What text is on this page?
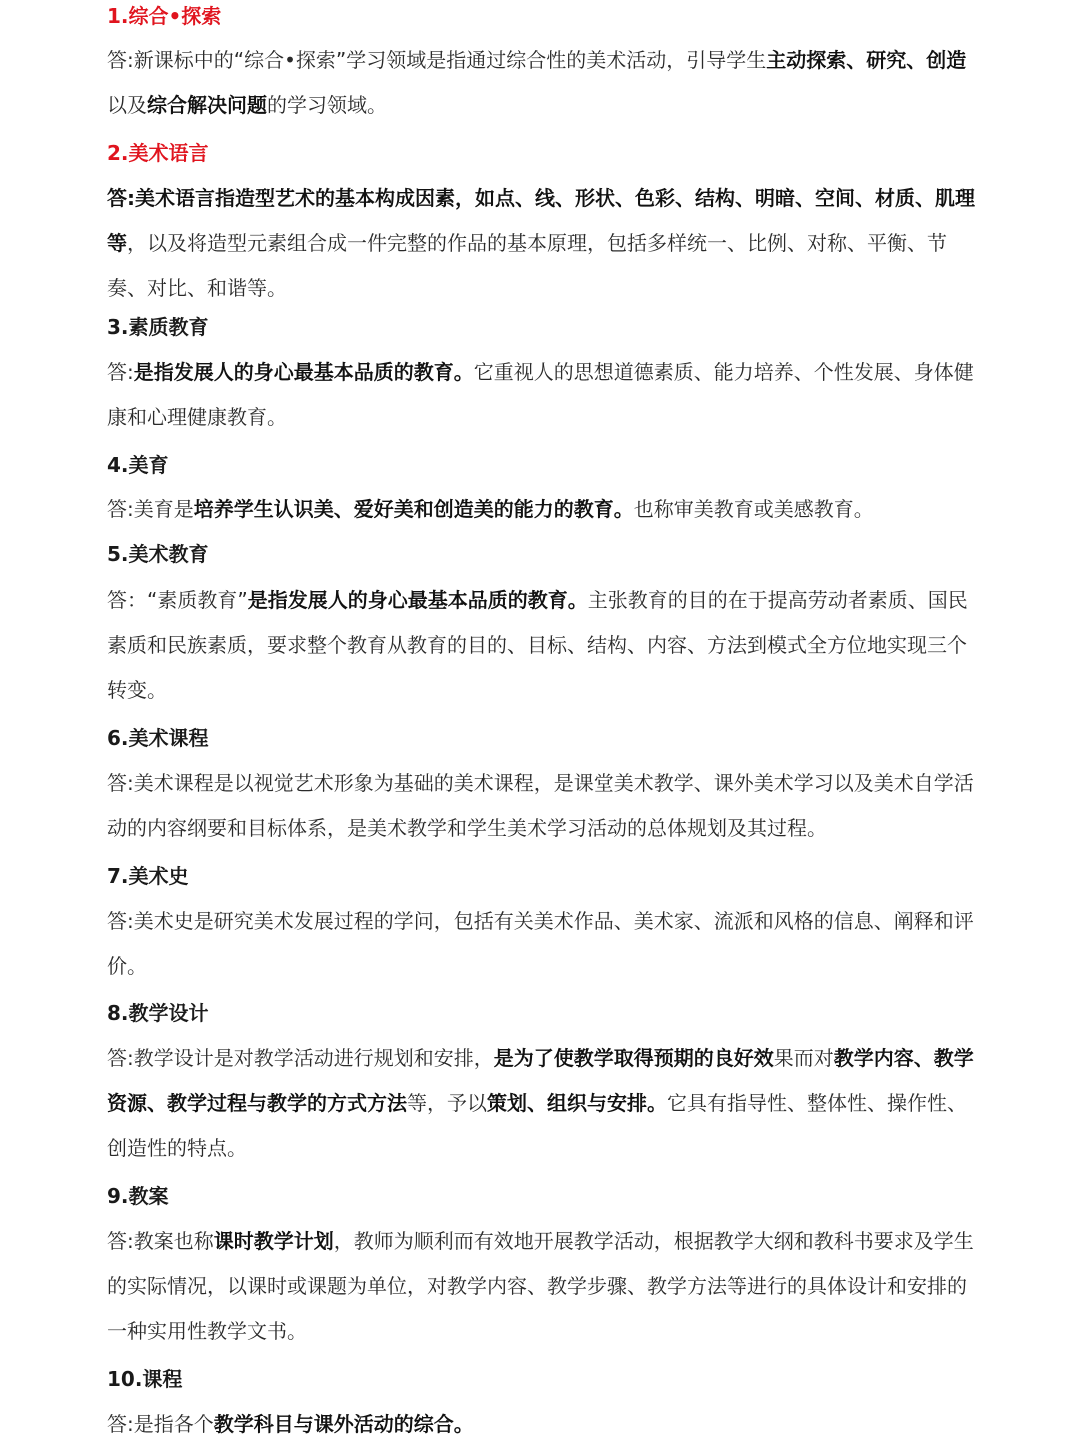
1.综合•探索
答:新课标中的“综合•探索”学习领域是指通过综合性的美术活动，引导学生主动探索、研究、创造以及综合解决问题的学习领域。
2.美术语言
答:美术语言指造型艺术的基本构成因素，如点、线、形状、色彩、结构、明暗、空间、材质、肌理等，以及将造型元素组合成一件完整的作品的基本原理，包括多样统一、比例、对称、平衡、节奏、对比、和谐等。
3.素质教育
答:是指发展人的身心最基本品质的教育。它重视人的思想道德素质、能力培养、个性发展、身体健康和心理健康教育。
4.美育
答:美育是培养学生认识美、爱好美和创造美的能力的教育。也称审美教育或美感教育。
5.美术教育
答：“素质教育”是指发展人的身心最基本品质的教育。主张教育的目的在于提高劳动者素质、国民素质和民族素质，要求整个教育从教育的目的、目标、结构、内容、方法到模式全方位地实现三个转变。
6.美术课程
答:美术课程是以视觉艺术形象为基础的美术课程，是课堂美术教学、课外美术学习以及美术自学活动的内容纲要和目标体系，是美术教学和学生美术学习活动的总体规划及其过程。
7.美术史
答:美术史是研究美术发展过程的学问，包括有关美术作品、美术家、流派和风格的信息、阐释和评价。
8.教学设计
答:教学设计是对教学活动进行规划和安排，是为了使教学取得预期的良好效果而对教学内容、教学资源、教学过程与教学的方式方法等，予以策划、组织与安排。它具有指导性、整体性、操作性、创造性的特点。
9.教案
答:教案也称课时教学计划，教师为顺利而有效地开展教学活动，根据教学大纲和教科书要求及学生的实际情况，以课时或课题为单位，对教学内容、教学步骤、教学方法等进行的具体设计和安排的一种实用性教学文书。
10.课程
答:是指各个教学科目与课外活动的综合。
